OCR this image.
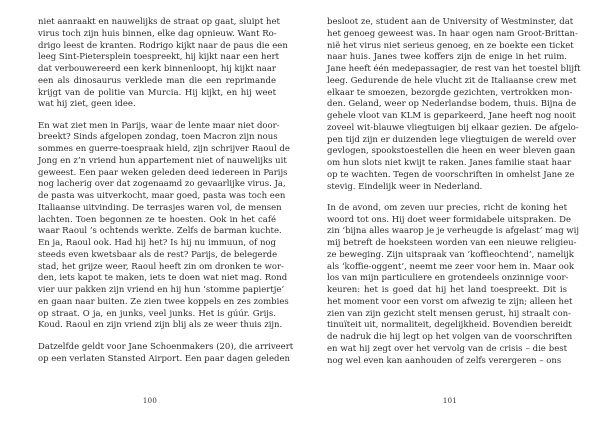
niet aanraakt en nauwelijks de straat op gaat, sluipt het
virus toch zijn huis binnen, elke dag opnieuw. Want Ro-
drigo leest de kranten. Rodrigo kijkt naar de paus die een
leeg Sint-Pietersplein toespreekt, hij kijkt naar een hert
dat verbouwereerd een kerk binnenloopt, hij kijkt naar
een als dinosaurus verklede man die een reprimande
krijgt van de politie van Murcia. Hij kijkt, en hij weet
wat hij ziet, geen idee.
En wat ziet men in Parijs, waar de lente maar niet door-
breekt? Sinds afgelopen zondag, toen Macron zijn nous
sommes en guerre-toespraak hield, zijn schrijver Raoul de
Jong en z’n vriend hun appartement niet of nauwelijks uit
geweest. Een paar weken geleden deed iedereen in Parijs
nog lacherig over dat zogenaamd zo gevaarlijke virus. Ja,
de pasta was uitverkocht, maar goed, pasta was toch een
Italiaanse uitvinding. De terrasjes waren vol, de mensen
lachten. Toen begonnen ze te hoesten. Ook in het café
waar Raoul ’s ochtends werkte. Zelfs de barman kuchte.
En ja, Raoul ook. Had hij het? Is hij nu immuun, of nog
steeds even kwetsbaar als de rest? Parijs, de belegerde
stad, het grijze weer, Raoul heeft zin om dronken te wor-
den, iets kapot te maken, iets te doen wat niet mag. Rond
vier uur pakken zijn vriend en hij hun ‘stomme papiertje’
en gaan naar buiten. Ze zien twee koppels en zes zombies
op straat. O ja, en junks, veel junks. Het is gúúr. Grijs.
Koud. Raoul en zijn vriend zijn blij als ze weer thuis zijn.
Datzelfde geldt voor Jane Schoenmakers (20), die arriveert
op een verlaten Stansted Airport. Een paar dagen geleden
100
besloot ze, student aan de University of Westminster, dat
het genoeg geweest was. In haar ogen nam Groot-Brittan-
nië het virus niet serieus genoeg, en ze boekte een ticket
naar huis. Janes twee koffers zijn de enige in het ruim.
Jane heeft één medepassagier, de rest van het toestel blijft
leeg. Gedurende de hele vlucht zit de Italiaanse crew met
elkaar te smoezen, bezorgde gezichten, vertrokken mon-
den. Geland, weer op Nederlandse bodem, thuis. Bijna de
gehele vloot van KLM is geparkeerd, Jane heeft nog nooit
zoveel wit-blauwe vliegtuigen bij elkaar gezien. De afgelo-
pen tijd zijn er duizenden lege vliegtuigen de wereld over
gevlogen, spookstoestellen die heen en weer bleven gaan
om hun slots niet kwijt te raken. Janes familie staat haar
op te wachten. Tegen de voorschriften in omhelst Jane ze
stevig. Eindelijk weer in Nederland.
In de avond, om zeven uur precies, richt de koning het
woord tot ons. Hij doet weer formidabele uitspraken. De
zin ‘bijna alles waarop je je verheugde is afgelast’ mag wij
mij betreft de hoeksteen worden van een nieuwe religieu-
ze beweging. Zijn uitspraak van ‘koffieochtend’, namelijk
als ‘koffie-oggent’, neemt me zeer voor hem in. Maar ook
los van mijn particuliere en grotendeels onzinnige voor-
keuren: het is goed dat hij het land toespreekt. Dit is
het moment voor een vorst om afwezig te zijn; alleen het
zien van zijn gezicht stelt mensen gerust, hij straalt con-
tinuïteit uit, normaliteit, degelijkheid. Bovendien bereidt
de nadruk die hij legt op het volgen van de voorschriften
en wat hij zegt over het vervolg van de crisis – die best
nog wel even kan aanhouden of zelfs verergeren – ons
101
